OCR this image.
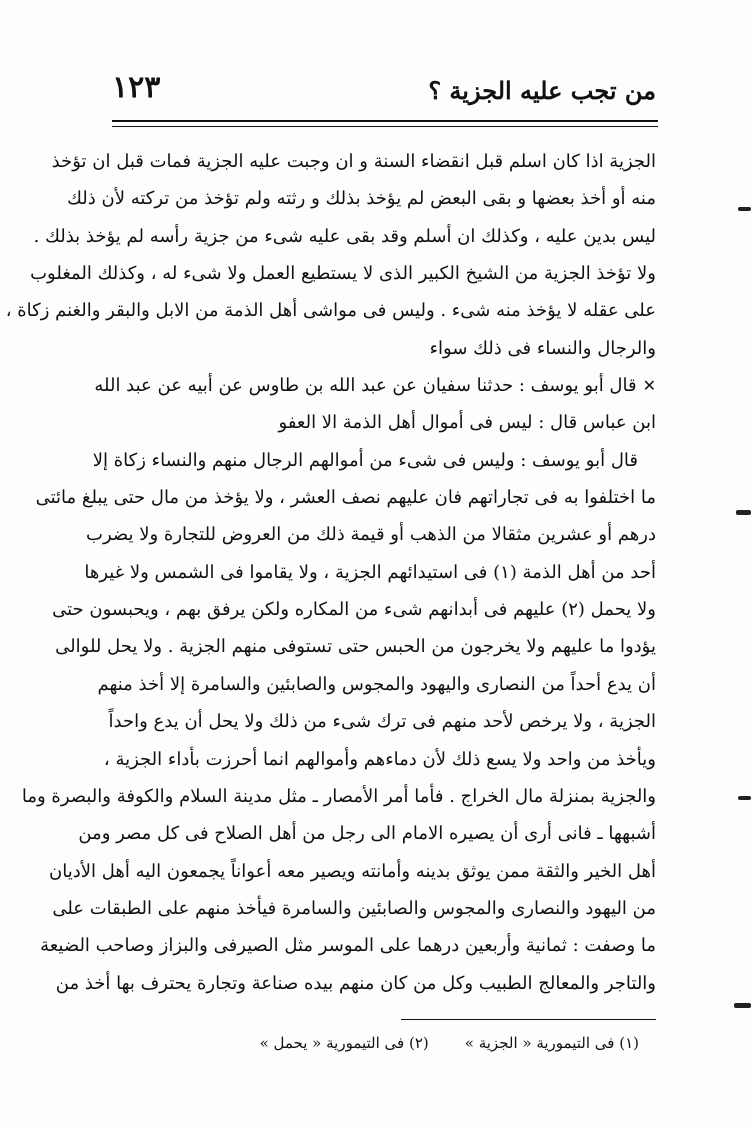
من تجب عليه الجزية ؟
١٢٣
الجزية اذا كان اسلم قبل انقضاء السنة و ان وجبت عليه الجزية فمات قبل ان تؤخذ
منه أو أخذ بعضها و بقى البعض لم يؤخذ بذلك و رثته ولم تؤخذ من تركته لأن ذلك
ليس بدين عليه ، وكذلك ان أسلم وقد بقى عليه شىء من جزية رأسه لم يؤخذ بذلك .
ولا تؤخذ الجزية من الشيخ الكبير الذى لا يستطيع العمل ولا شىء له ، وكذلك المغلوب
على عقله لا يؤخذ منه شىء . وليس فى مواشى أهل الذمة من الابل والبقر والغنم زكاة ،
والرجال والنساء فى ذلك سواء
✕قال أبو يوسف : حدثنا سفيان عن عبد الله بن طاوس عن أبيه عن عبد الله
ابن عباس قال : ليس فى أموال أهل الذمة الا العفو
قال أبو يوسف : وليس فى شىء من أموالهم الرجال منهم والنساء زكاة إلا
ما اختلفوا به فى تجاراتهم فان عليهم نصف العشر ، ولا يؤخذ من مال حتى يبلغ مائتى
درهم أو عشرين مثقالا من الذهب أو قيمة ذلك من العروض للتجارة ولا يضرب
أحد من أهل الذمة (١) فى استيدائهم الجزية ، ولا يقاموا فى الشمس ولا غيرها
ولا يحمل (٢) عليهم فى أبدانهم شىء من المكاره ولكن يرفق بهم ، ويحبسون حتى
يؤدوا ما عليهم ولا يخرجون من الحبس حتى تستوفى منهم الجزية . ولا يحل للوالى
أن يدع أحداً من النصارى واليهود والمجوس والصابئين والسامرة إلا أخذ منهم
الجزية ، ولا يرخص لأحد منهم فى ترك شىء من ذلك ولا يحل أن يدع واحداً
ويأخذ من واحد ولا يسع ذلك لأن دماءهم وأموالهم انما أحرزت بأداء الجزية ،
والجزية بمنزلة مال الخراج . فأما أمر الأمصار ـ مثل مدينة السلام والكوفة والبصرة وما
أشبهها ـ فانى أرى أن يصيره الامام الى رجل من أهل الصلاح فى كل مصر ومن
أهل الخير والثقة ممن يوثق بدينه وأمانته ويصير معه أعواناً يجمعون اليه أهل الأديان
من اليهود والنصارى والمجوس والصابئين والسامرة فيأخذ منهم على الطبقات على
ما وصفت : ثمانية وأربعين درهما على الموسر مثل الصيرفى والبزاز وصاحب الضيعة
والتاجر والمعالج الطبيب وكل من كان منهم بيده صناعة وتجارة يحترف بها أخذ من
(١) فى التيمورية « الجزية »(٢) فى التيمورية « يحمل »
